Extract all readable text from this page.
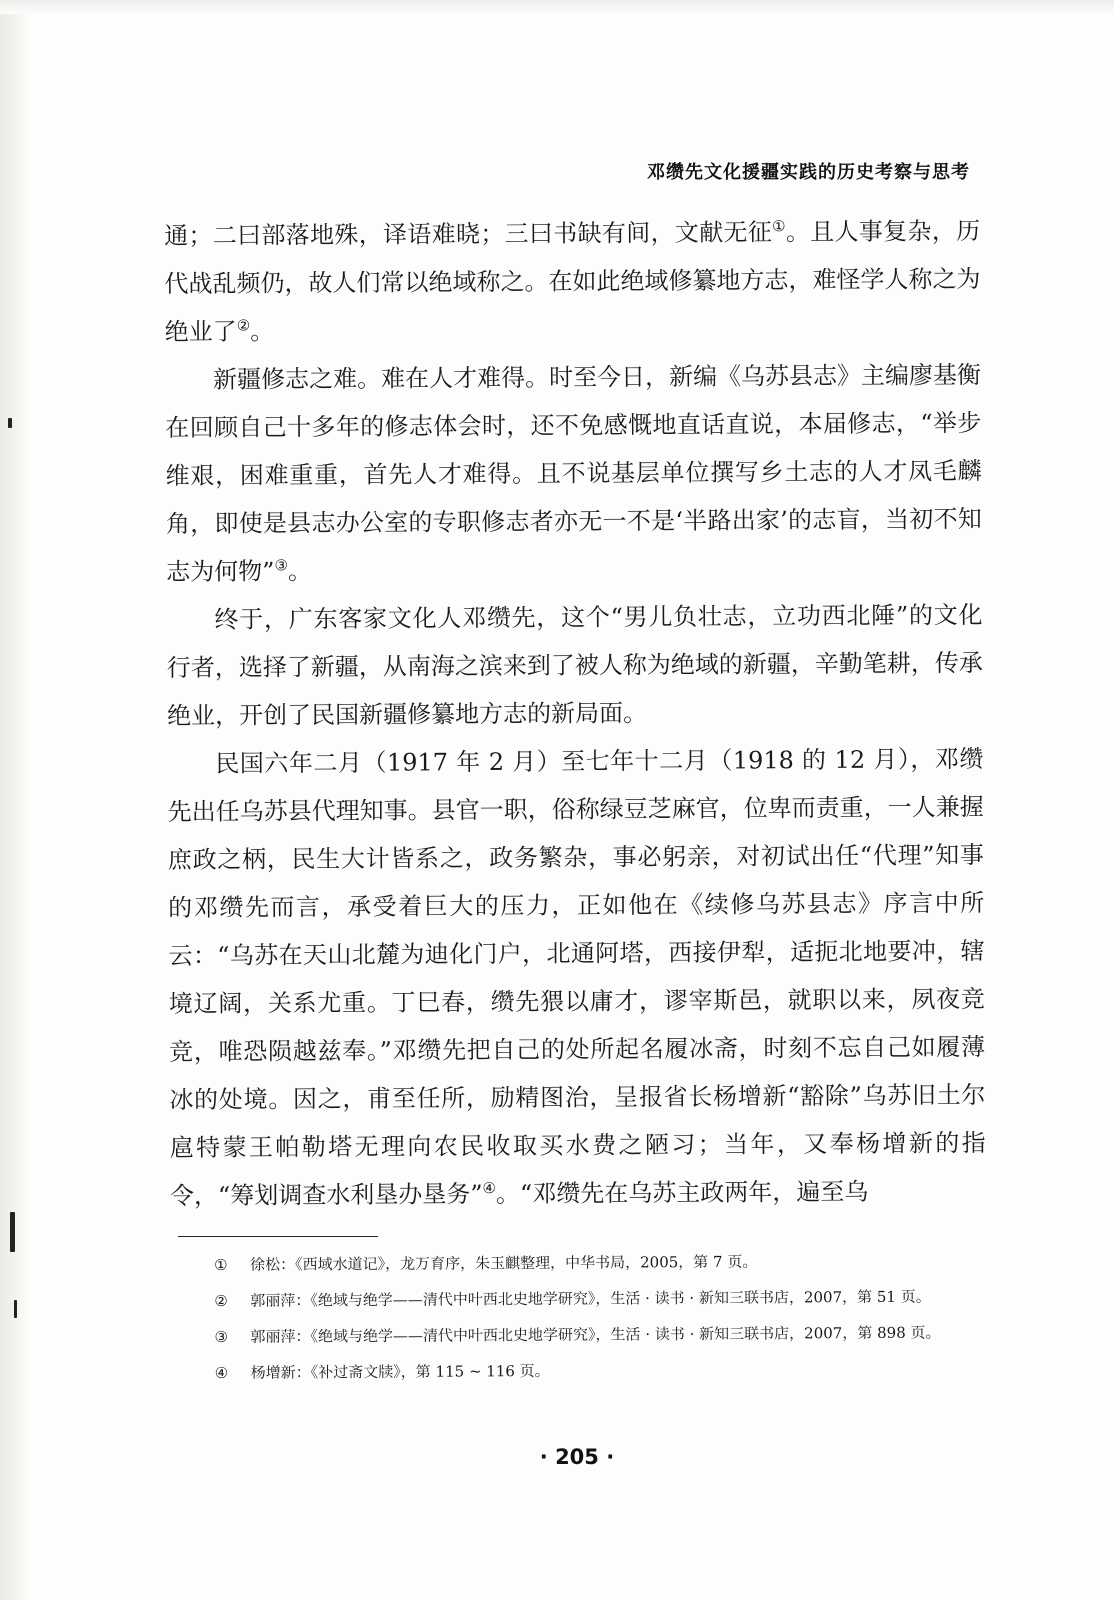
邓缵先文化援疆实践的历史考察与思考

通；二曰部落地殊，译语难晓；三曰书缺有间，文献无征①。且人事复杂，历代战乱频仍，故人们常以绝域称之。在如此绝域修纂地方志，难怪学人称之为绝业了②。

新疆修志之难。难在人才难得。时至今日，新编《乌苏县志》主编廖基衡在回顾自己十多年的修志体会时，还不免感慨地直话直说，本届修志，“举步维艰，困难重重，首先人才难得。且不说基层单位撰写乡土志的人才凤毛麟角，即使是县志办公室的专职修志者亦无一不是‘半路出家’的志盲，当初不知志为何物”③。

终于，广东客家文化人邓缵先，这个“男儿负壮志，立功西北陲”的文化行者，选择了新疆，从南海之滨来到了被人称为绝域的新疆，辛勤笔耕，传承绝业，开创了民国新疆修纂地方志的新局面。

民国六年二月（1917 年 2 月）至七年十二月（1918 的 12 月），邓缵先出任乌苏县代理知事。县官一职，俗称绿豆芝麻官，位卑而责重，一人兼握庶政之柄，民生大计皆系之，政务繁杂，事必躬亲，对初试出任“代理”知事的邓缵先而言，承受着巨大的压力，正如他在《续修乌苏县志》序言中所云：“乌苏在天山北麓为迪化门户，北通阿塔，西接伊犁，适扼北地要冲，辖境辽阔，关系尤重。丁巳春，缵先猥以庸才，谬宰斯邑，就职以来，夙夜竞竞，唯恐陨越兹奉。”邓缵先把自己的处所起名履冰斋，时刻不忘自己如履薄冰的处境。因之，甫至任所，励精图治，呈报省长杨增新“豁除”乌苏旧土尔扈特蒙王帕勒塔无理向农民收取买水费之陋习；当年，又奉杨增新的指令，“筹划调查水利垦办垦务”④。“邓缵先在乌苏主政两年，遍至乌

① 徐松：《西域水道记》，龙万育序，朱玉麒整理，中华书局，2005，第 7 页。
② 郭丽萍：《绝域与绝学——清代中叶西北史地学研究》，生活 · 读书 · 新知三联书店，2007，第 51 页。
③ 郭丽萍：《绝域与绝学——清代中叶西北史地学研究》，生活 · 读书 · 新知三联书店，2007，第 898 页。
④ 杨增新：《补过斋文牍》，第 115 ~ 116 页。
· 205 ·
